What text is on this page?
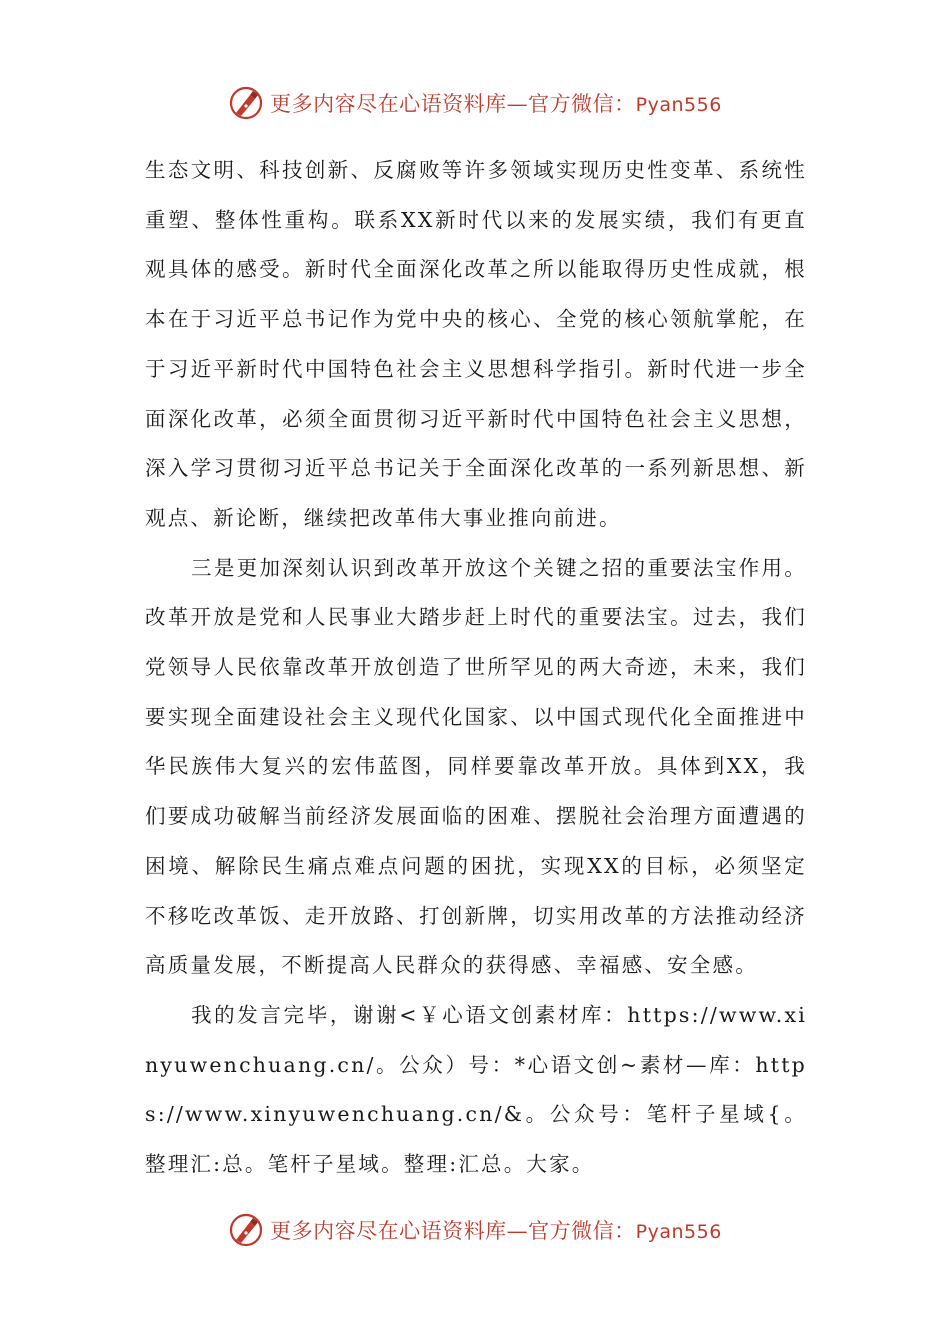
更多内容尽在心语资料库—官方微信：Pyan556

生态文明、科技创新、反腐败等许多领域实现历史性变革、系统性重塑、整体性重构。联系XX新时代以来的发展实绩，我们有更直观具体的感受。新时代全面深化改革之所以能取得历史性成就，根本在于习近平总书记作为党中央的核心、全党的核心领航掌舵，在于习近平新时代中国特色社会主义思想科学指引。新时代进一步全面深化改革，必须全面贯彻习近平新时代中国特色社会主义思想，深入学习贯彻习近平总书记关于全面深化改革的一系列新思想、新观点、新论断，继续把改革伟大事业推向前进。

三是更加深刻认识到改革开放这个关键之招的重要法宝作用。改革开放是党和人民事业大踏步赶上时代的重要法宝。过去，我们党领导人民依靠改革开放创造了世所罕见的两大奇迹，未来，我们要实现全面建设社会主义现代化国家、以中国式现代化全面推进中华民族伟大复兴的宏伟蓝图，同样要靠改革开放。具体到XX，我们要成功破解当前经济发展面临的困难、摆脱社会治理方面遭遇的困境、解除民生痛点难点问题的困扰，实现XX的目标，必须坚定不移吃改革饭、走开放路、打创新牌，切实用改革的方法推动经济高质量发展，不断提高人民群众的获得感、幸福感、安全感。

我的发言完毕，谢谢<￥心语文创素材库：https://www.xinyuwenchuang.cn/。公众）号：*心语文创~素材—库：https://www.xinyuwenchuang.cn/&。公众号：笔杆子星域{。整理汇:总。笔杆子星域。整理:汇总。大家。

更多内容尽在心语资料库—官方微信：Pyan556
